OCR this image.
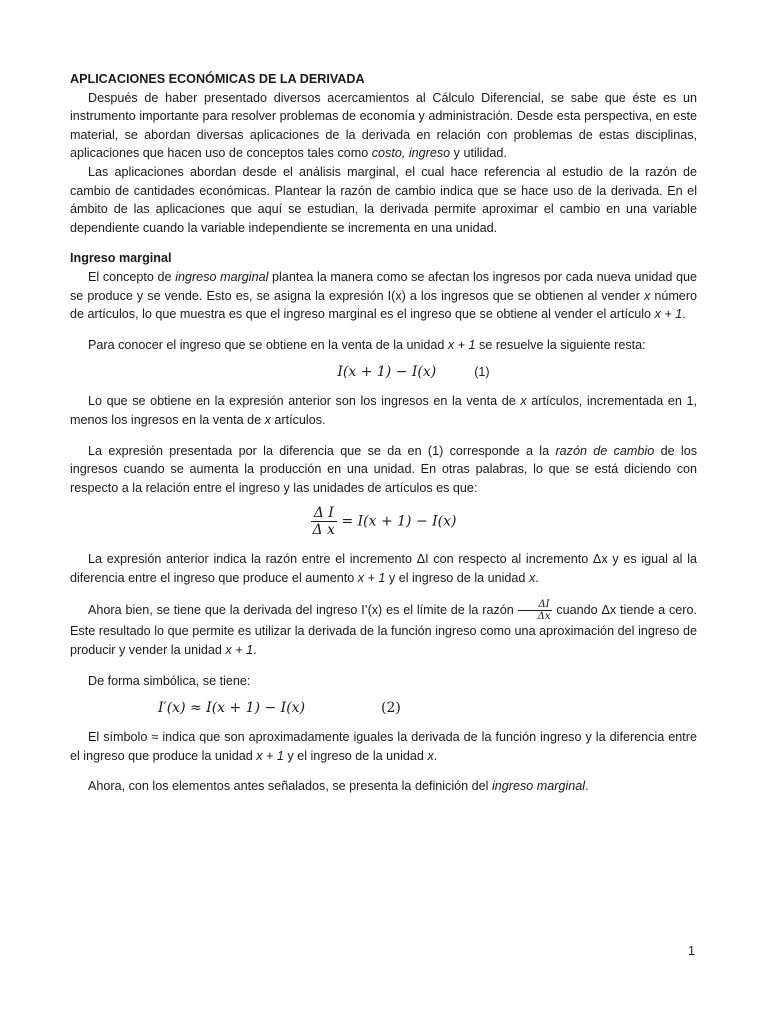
APLICACIONES ECONÓMICAS DE LA DERIVADA

Después de haber presentado diversos acercamientos al Cálculo Diferencial, se sabe que éste es un instrumento importante para resolver problemas de economía y administración. Desde esta perspectiva, en este material, se abordan diversas aplicaciones de la derivada en relación con problemas de estas disciplinas, aplicaciones que hacen uso de conceptos tales como costo, ingreso y utilidad.

Las aplicaciones abordan desde el análisis marginal, el cual hace referencia al estudio de la razón de cambio de cantidades económicas. Plantear la razón de cambio indica que se hace uso de la derivada. En el ámbito de las aplicaciones que aquí se estudian, la derivada permite aproximar el cambio en una variable dependiente cuando la variable independiente se incrementa en una unidad.

Ingreso marginal

El concepto de ingreso marginal plantea la manera como se afectan los ingresos por cada nueva unidad que se produce y se vende. Esto es, se asigna la expresión I(x) a los ingresos que se obtienen al vender x número de artículos, lo que muestra es que el ingreso marginal es el ingreso que se obtiene al vender el artículo x + 1.

Para conocer el ingreso que se obtiene en la venta de la unidad x + 1 se resuelve la siguiente resta:

I(x + 1) − I(x)	(1)

Lo que se obtiene en la expresión anterior son los ingresos en la venta de x artículos, incrementada en 1, menos los ingresos en la venta de x artículos.

La expresión presentada por la diferencia que se da en (1) corresponde a la razón de cambio de los ingresos cuando se aumenta la producción en una unidad. En otras palabras, lo que se está diciendo con respecto a la relación entre el ingreso y las unidades de artículos es que:

$\frac{\text{Δ I}}{\text{Δ x}} = I(x + 1) - I(x)$

La expresión anterior indica la razón entre el incremento ΔI con respecto al incremento Δx y es igual al la diferencia entre el ingreso que produce el aumento x + 1 y el ingreso de la unidad x.

Ahora bien, se tiene que la derivada del ingreso I’(x) es el límite de la razón $\frac{\Delta I}{\Delta x}$ cuando Δx tiende a cero. Este resultado lo que permite es utilizar la derivada de la función ingreso como una aproximación del ingreso de producir y vender la unidad x + 1.

De forma simbólica, se tiene:

I′(x) ≈ I(x + 1) − I(x)	(2)

El símbolo ≈ indica que son aproximadamente iguales la derivada de la función ingreso y la diferencia entre el ingreso que produce la unidad x + 1 y el ingreso de la unidad x.

Ahora, con los elementos antes señalados, se presenta la definición del ingreso marginal.

1
